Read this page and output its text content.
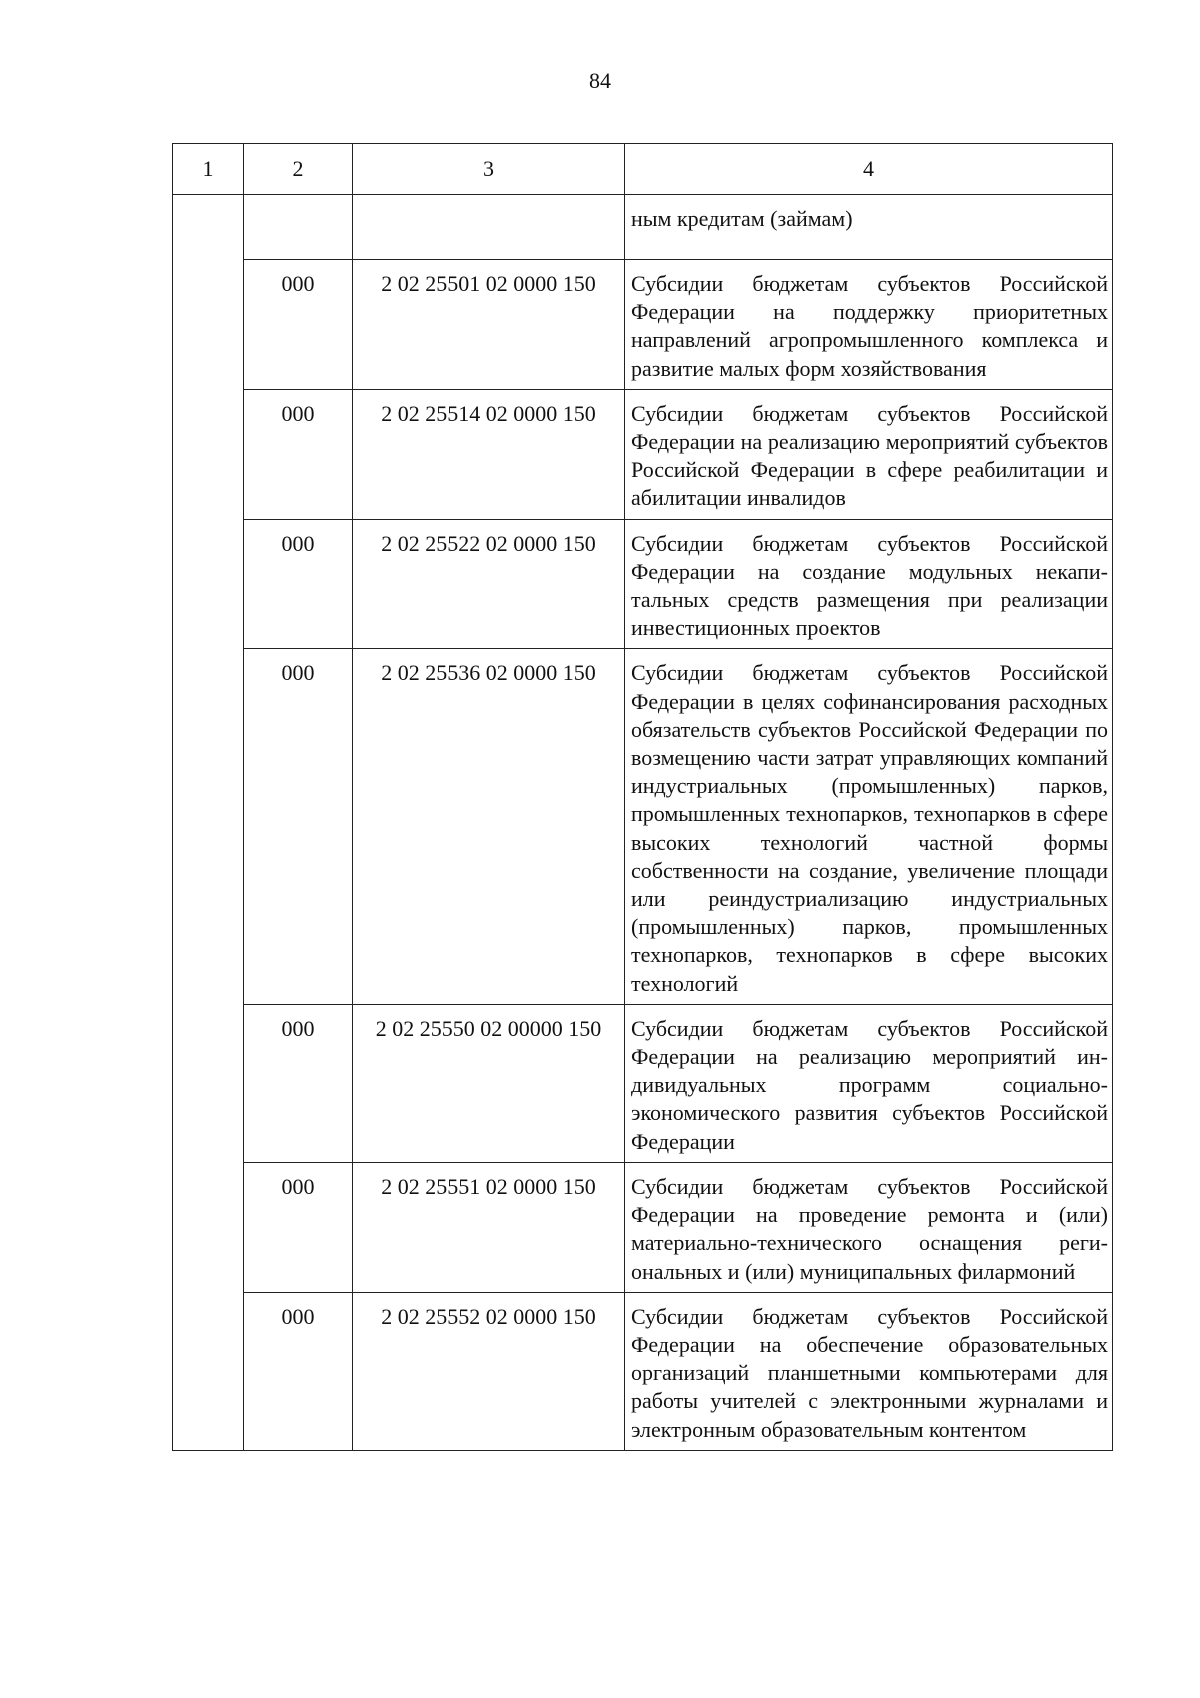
84
1	2	3	4
			ным кредитам (займам)
	000	2 02 25501 02 0000 150	Субсидии бюджетам субъектов Российской Федерации на поддержку приоритетных направлений агропромышленного комплекса и развитие малых форм хозяйствования
	000	2 02 25514 02 0000 150	Субсидии бюджетам субъектов Российской Федерации на реализацию мероприятий субъектов Российской Федерации в сфере реабилитации и абилитации инвалидов
	000	2 02 25522 02 0000 150	Субсидии бюджетам субъектов Российской Федерации на создание модульных некапитальных средств размещения при реализации инвестиционных проектов
	000	2 02 25536 02 0000 150	Субсидии бюджетам субъектов Российской Федерации в целях софинансирования расходных обязательств субъектов Российской Федерации по возмещению части затрат управляющих компаний индустриальных (промышленных) парков, промышленных технопарков, технопарков в сфере высоких технологий частной формы собственности на создание, увеличение площади или реиндустриализацию индустриальных (промышленных) парков, промышленных технопарков, технопарков в сфере высоких технологий
	000	2 02 25550 02 00000 150	Субсидии бюджетам субъектов Российской Федерации на реализацию мероприятий индивидуальных программ социально-экономического развития субъектов Российской Федерации
	000	2 02 25551 02 0000 150	Субсидии бюджетам субъектов Российской Федерации на проведение ремонта и (или) материально-технического оснащения региональных и (или) муниципальных филармоний
	000	2 02 25552 02 0000 150	Субсидии бюджетам субъектов Российской Федерации на обеспечение образовательных организаций планшетными компьютерами для работы учителей с электронными журналами и электронным образовательным контентом
